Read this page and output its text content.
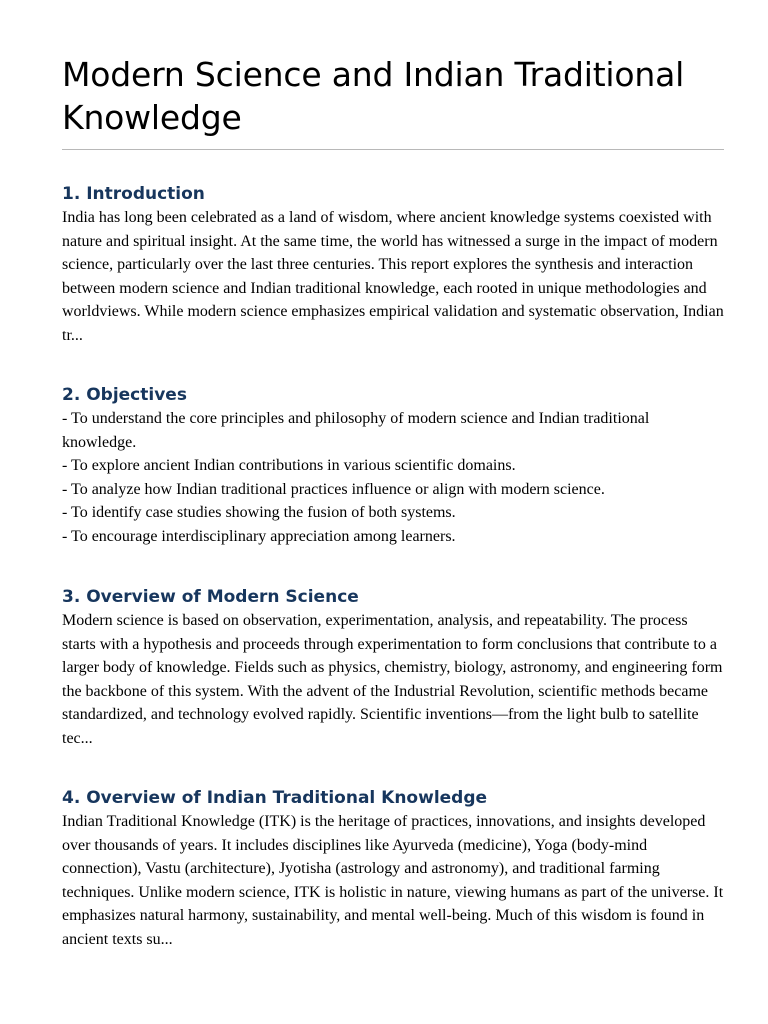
Modern Science and Indian Traditional Knowledge
1. Introduction

India has long been celebrated as a land of wisdom, where ancient knowledge systems coexisted with nature and spiritual insight. At the same time, the world has witnessed a surge in the impact of modern science, particularly over the last three centuries. This report explores the synthesis and interaction between modern science and Indian traditional knowledge, each rooted in unique methodologies and worldviews. While modern science emphasizes empirical validation and systematic observation, Indian tr...

2. Objectives
- To understand the core principles and philosophy of modern science and Indian traditional knowledge.
- To explore ancient Indian contributions in various scientific domains.
- To analyze how Indian traditional practices influence or align with modern science.
- To identify case studies showing the fusion of both systems.
- To encourage interdisciplinary appreciation among learners.
3. Overview of Modern Science

Modern science is based on observation, experimentation, analysis, and repeatability. The process starts with a hypothesis and proceeds through experimentation to form conclusions that contribute to a larger body of knowledge. Fields such as physics, chemistry, biology, astronomy, and engineering form the backbone of this system. With the advent of the Industrial Revolution, scientific methods became standardized, and technology evolved rapidly. Scientific inventions—from the light bulb to satellite tec...

4. Overview of Indian Traditional Knowledge

Indian Traditional Knowledge (ITK) is the heritage of practices, innovations, and insights developed over thousands of years. It includes disciplines like Ayurveda (medicine), Yoga (body-mind connection), Vastu (architecture), Jyotisha (astrology and astronomy), and traditional farming techniques. Unlike modern science, ITK is holistic in nature, viewing humans as part of the universe. It emphasizes natural harmony, sustainability, and mental well-being. Much of this wisdom is found in ancient texts su...
